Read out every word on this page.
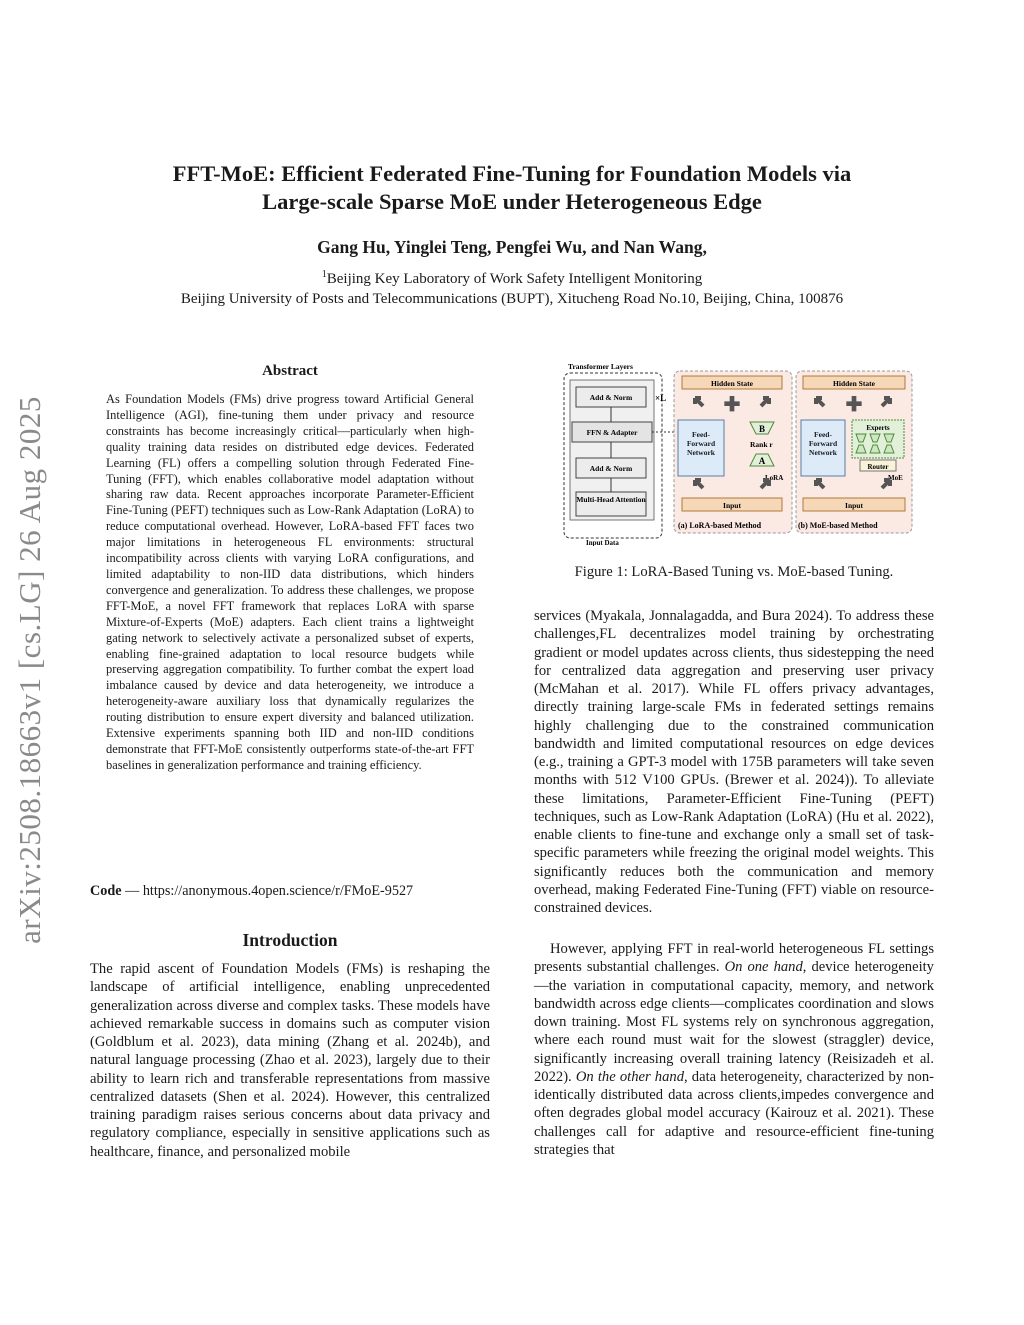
arXiv:2508.18663v1 [cs.LG] 26 Aug 2025
FFT-MoE: Efficient Federated Fine-Tuning for Foundation Models via
Large-scale Sparse MoE under Heterogeneous Edge
Gang Hu, Yinglei Teng, Pengfei Wu, and Nan Wang,
$^1$Beijing Key Laboratory of Work Safety Intelligent Monitoring
Beijing University of Posts and Telecommunications (BUPT), Xitucheng Road No.10, Beijing, China, 100876
Abstract
As Foundation Models (FMs) drive progress toward Artificial General Intelligence (AGI), fine-tuning them under privacy and resource constraints has become increasingly critical—particularly when high-quality training data resides on distributed edge devices. Federated Learning (FL) offers a compelling solution through Federated Fine-Tuning (FFT), which enables collaborative model adaptation without sharing raw data. Recent approaches incorporate Parameter-Efficient Fine-Tuning (PEFT) techniques such as Low-Rank Adaptation (LoRA) to reduce computational overhead. However, LoRA-based FFT faces two major limitations in heterogeneous FL environments: structural incompatibility across clients with varying LoRA configurations, and limited adaptability to non-IID data distributions, which hinders convergence and generalization. To address these challenges, we propose FFT-MoE, a novel FFT framework that replaces LoRA with sparse Mixture-of-Experts (MoE) adapters. Each client trains a lightweight gating network to selectively activate a personalized subset of experts, enabling fine-grained adaptation to local resource budgets while preserving aggregation compatibility. To further combat the expert load imbalance caused by device and data heterogeneity, we introduce a heterogeneity-aware auxiliary loss that dynamically regularizes the routing distribution to ensure expert diversity and balanced utilization. Extensive experiments spanning both IID and non-IID conditions demonstrate that FFT-MoE consistently outperforms state-of-the-art FFT baselines in generalization performance and training efficiency.
Code — https://anonymous.4open.science/r/FMoE-9527
Introduction
The rapid ascent of Foundation Models (FMs) is reshaping the landscape of artificial intelligence, enabling unprecedented generalization across diverse and complex tasks. These models have achieved remarkable success in domains such as computer vision (Goldblum et al. 2023), data mining (Zhang et al. 2024b), and natural language processing (Zhao et al. 2023), largely due to their ability to learn rich and transferable representations from massive centralized datasets (Shen et al. 2024). However, this centralized training paradigm raises serious concerns about data privacy and regulatory compliance, especially in sensitive applications such as healthcare, finance, and personalized mobile
Transformer Layers
Add & Norm
FFN & Adapter
Add & Norm
Multi-Head Attention
×L
Input Data
Hidden State
✚
Feed-Forward Network
B
Rank r
A
LoRA
Input
(a) LoRA-based Method
Hidden State
✚
Feed-Forward Network
Experts
Router
MoE
Input
(b) MoE-based Method
Figure 1: LoRA-Based Tuning vs. MoE-based Tuning.
services (Myakala, Jonnalagadda, and Bura 2024). To address these challenges,FL decentralizes model training by orchestrating gradient or model updates across clients, thus sidestepping the need for centralized data aggregation and preserving user privacy (McMahan et al. 2017). While FL offers privacy advantages, directly training large-scale FMs in federated settings remains highly challenging due to the constrained communication bandwidth and limited computational resources on edge devices (e.g., training a GPT-3 model with 175B parameters will take seven months with 512 V100 GPUs. (Brewer et al. 2024)). To alleviate these limitations, Parameter-Efficient Fine-Tuning (PEFT) techniques, such as Low-Rank Adaptation (LoRA) (Hu et al. 2022), enable clients to fine-tune and exchange only a small set of task-specific parameters while freezing the original model weights. This significantly reduces both the communication and memory overhead, making Federated Fine-Tuning (FFT) viable on resource-constrained devices.
However, applying FFT in real-world heterogeneous FL settings presents substantial challenges. On one hand, device heterogeneity—the variation in computational capacity, memory, and network bandwidth across edge clients—complicates coordination and slows down training. Most FL systems rely on synchronous aggregation, where each round must wait for the slowest (straggler) device, significantly increasing overall training latency (Reisizadeh et al. 2022). On the other hand, data heterogeneity, characterized by non-identically distributed data across clients,impedes convergence and often degrades global model accuracy (Kairouz et al. 2021). These challenges call for adaptive and resource-efficient fine-tuning strategies that
